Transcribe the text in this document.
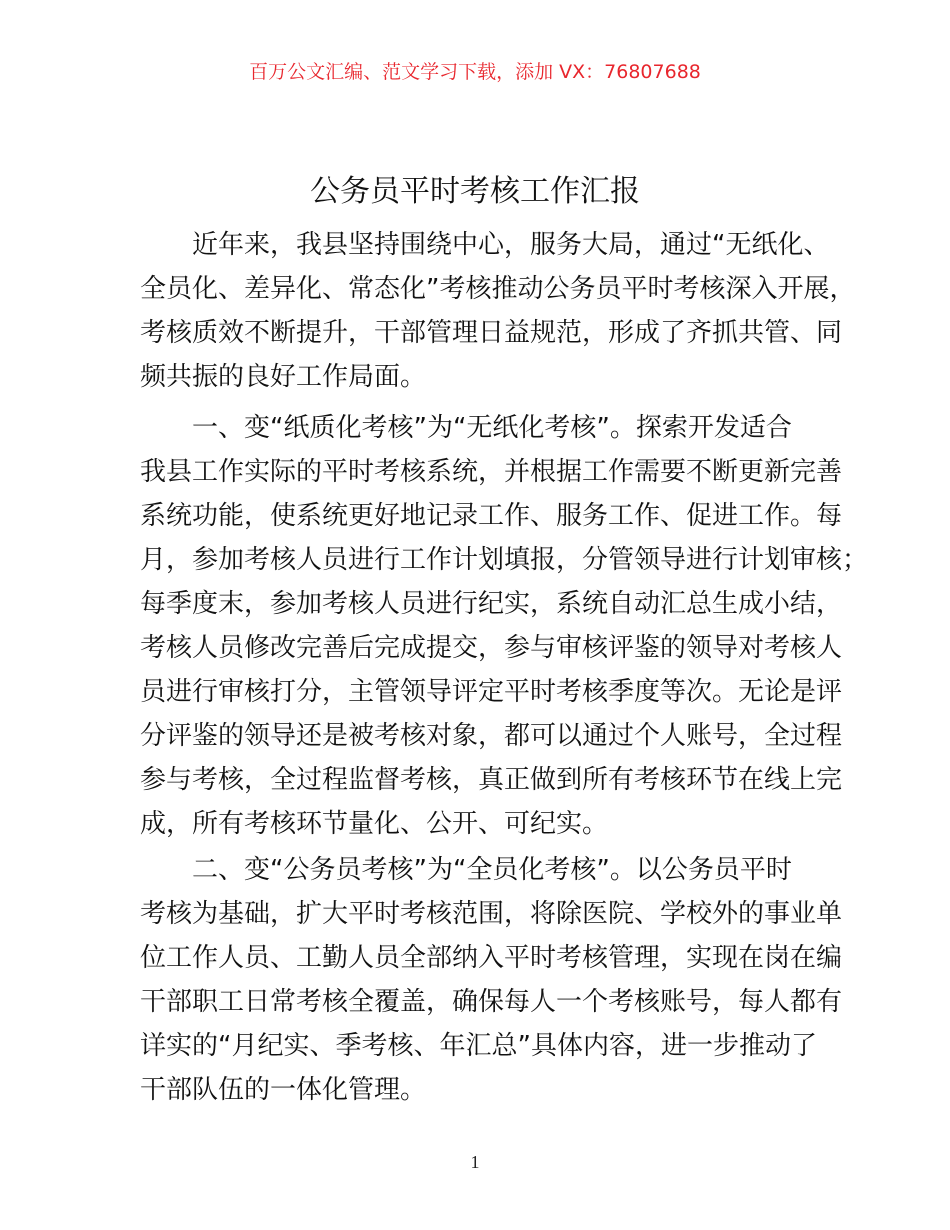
百万公文汇编、范文学习下载，添加 VX：76807688
公务员平时考核工作汇报
近年来，我县坚持围绕中心，服务大局，通过“无纸化、
全员化、差异化、常态化”考核推动公务员平时考核深入开展，
考核质效不断提升，干部管理日益规范，形成了齐抓共管、同
频共振的良好工作局面。
一、变“纸质化考核”为“无纸化考核”。探索开发适合
我县工作实际的平时考核系统，并根据工作需要不断更新完善
系统功能，使系统更好地记录工作、服务工作、促进工作。每
月，参加考核人员进行工作计划填报，分管领导进行计划审核；
每季度末，参加考核人员进行纪实，系统自动汇总生成小结，
考核人员修改完善后完成提交，参与审核评鉴的领导对考核人
员进行审核打分，主管领导评定平时考核季度等次。无论是评
分评鉴的领导还是被考核对象，都可以通过个人账号，全过程
参与考核，全过程监督考核，真正做到所有考核环节在线上完
成，所有考核环节量化、公开、可纪实。
二、变“公务员考核”为“全员化考核”。以公务员平时
考核为基础，扩大平时考核范围，将除医院、学校外的事业单
位工作人员、工勤人员全部纳入平时考核管理，实现在岗在编
干部职工日常考核全覆盖，确保每人一个考核账号，每人都有
详实的“月纪实、季考核、年汇总”具体内容，进一步推动了
干部队伍的一体化管理。
1
